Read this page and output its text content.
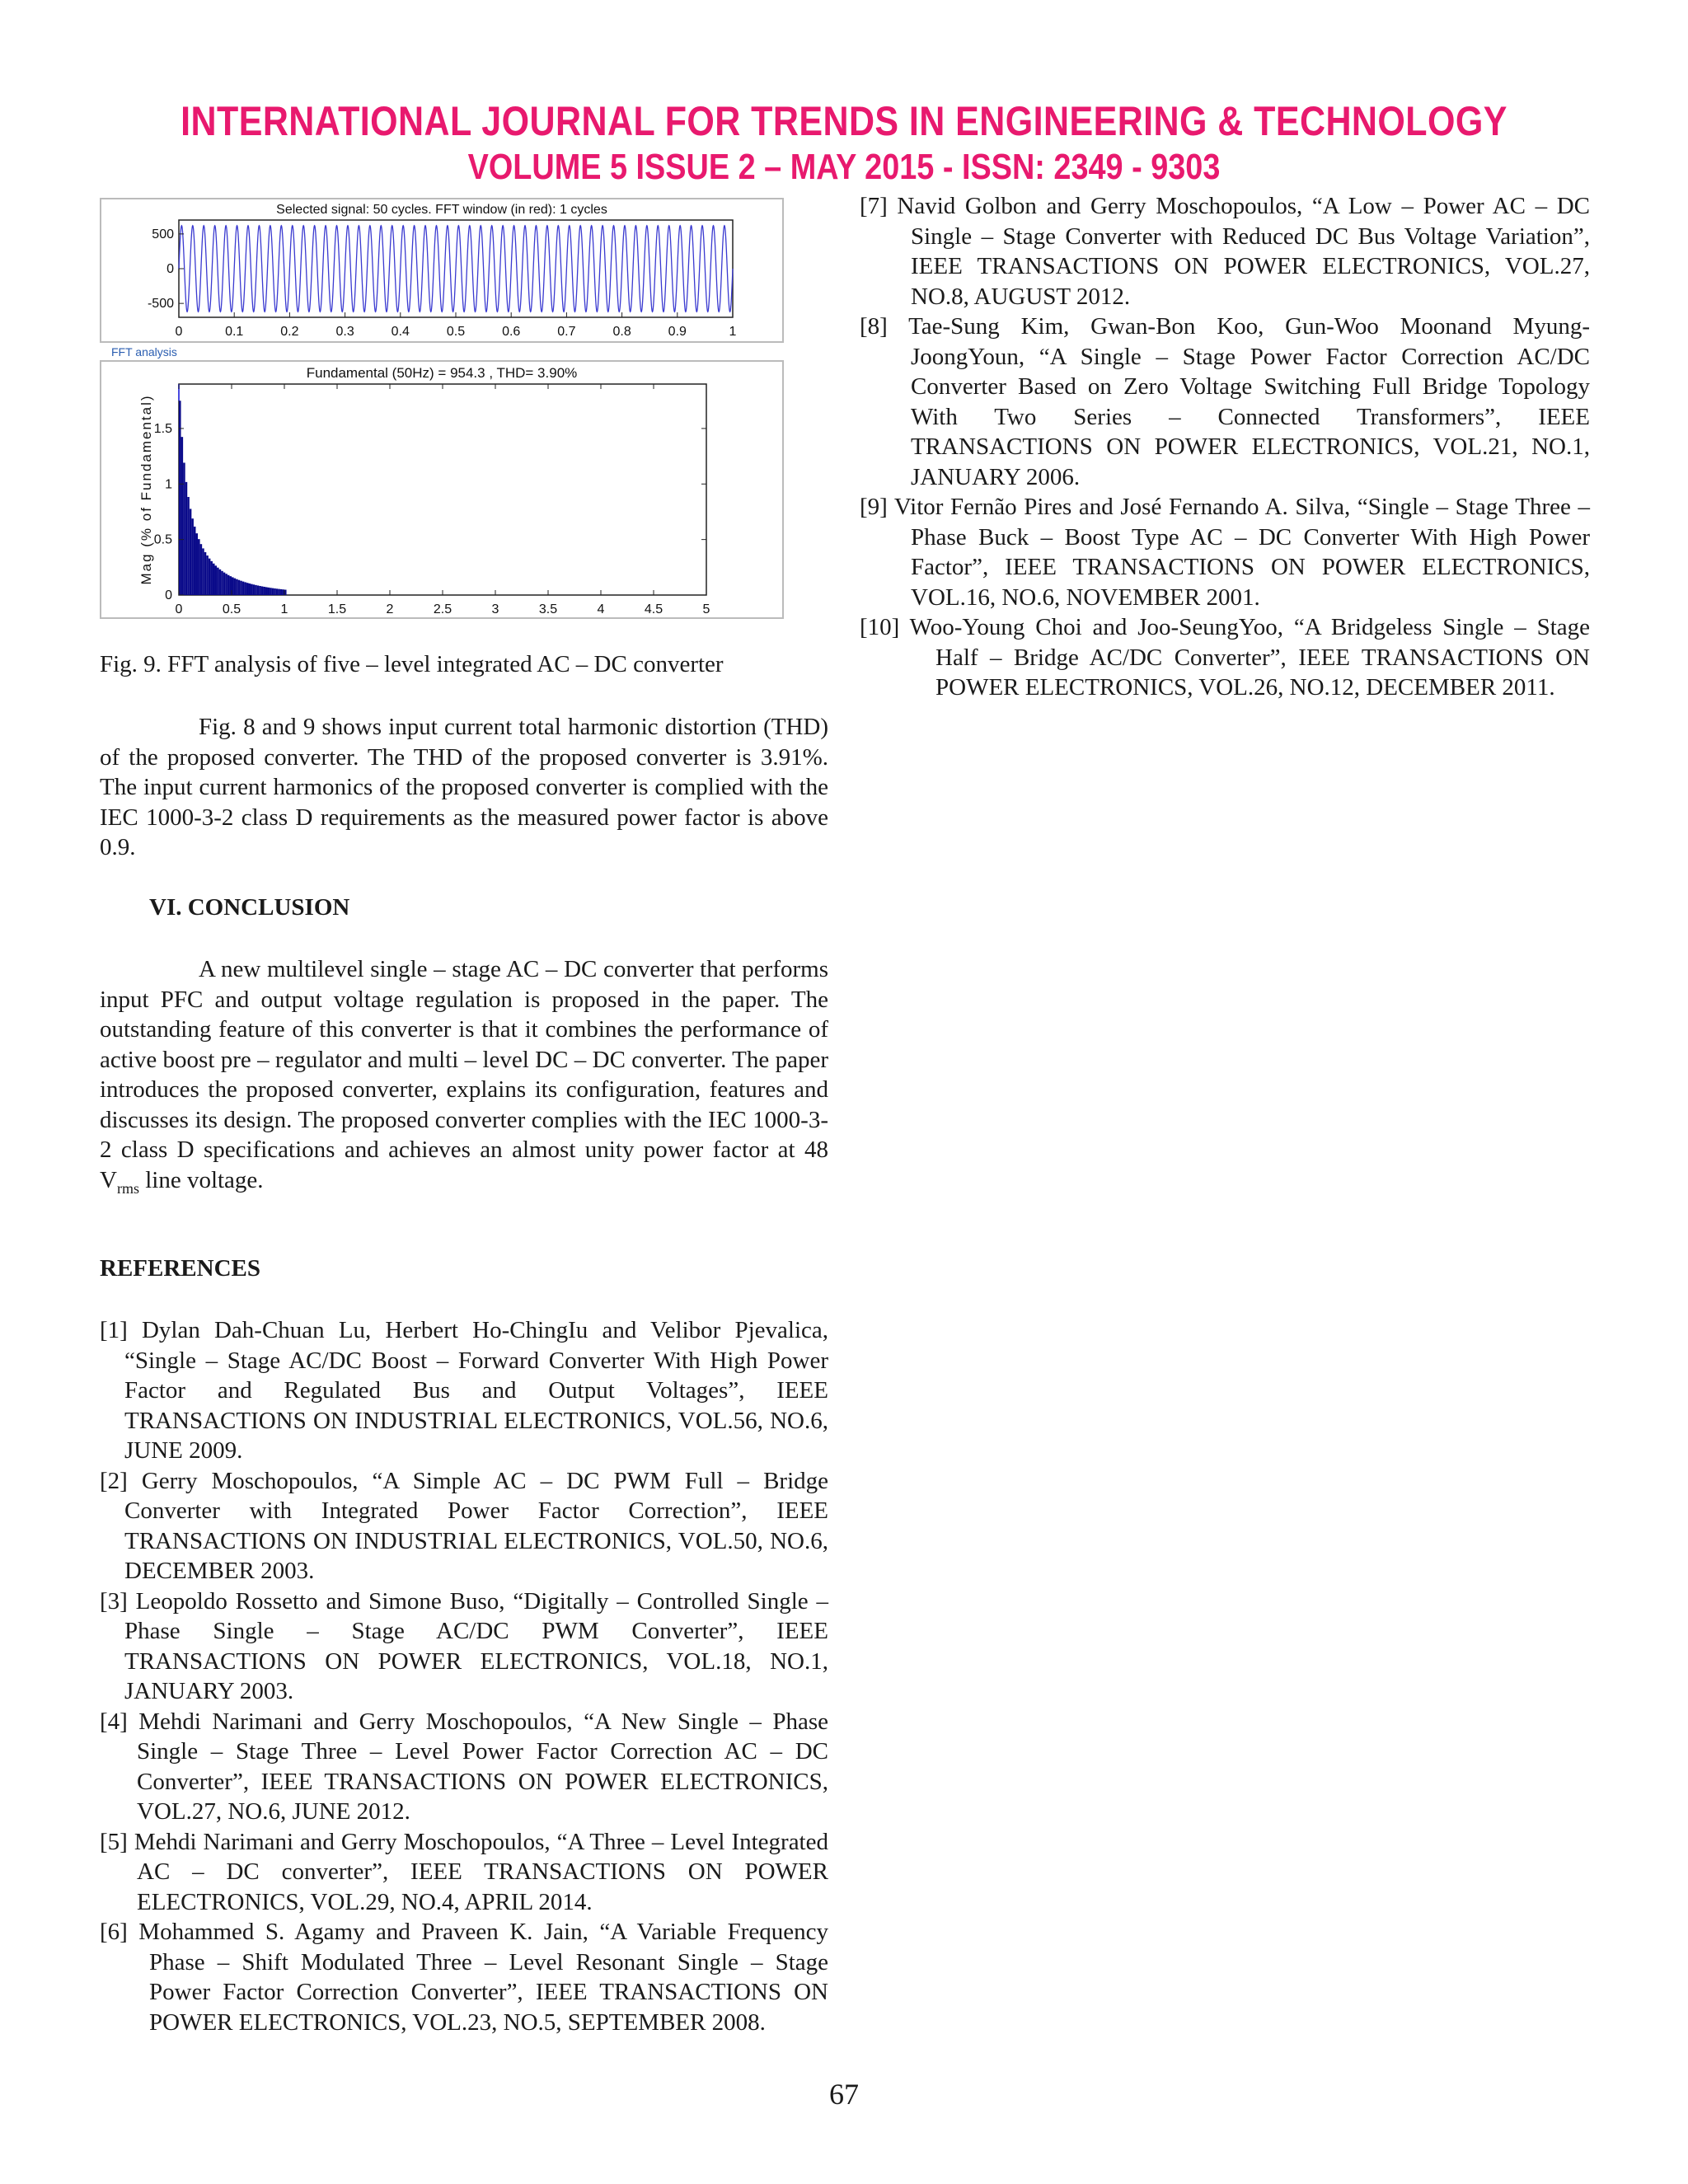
INTERNATIONAL JOURNAL FOR TRENDS IN ENGINEERING & TECHNOLOGY
VOLUME 5 ISSUE 2 – MAY 2015 - ISSN: 2349 - 9303
Selected signal: 50 cycles. FFT window (in red): 1 cycles
0	0.1	0.2	0.3	0.4	0.5	0.6	0.7	0.8	0.9	1
500
0
-500
FFT analysis
Fundamental (50Hz) = 954.3 , THD= 3.90%
0	0.5	1	1.5	2	2.5	3	3.5	4	4.5	5
0
0.5
1
1.5
Mag (% of Fundamental)
Fig. 9. FFT analysis of five – level integrated AC – DC converter

Fig. 8 and 9 shows input current total harmonic distortion (THD) of the proposed converter. The THD of the proposed converter is 3.91%. The input current harmonics of the proposed converter is complied with the IEC 1000-3-2 class D requirements as the measured power factor is above 0.9.

VI. CONCLUSION

A new multilevel single – stage AC – DC converter that performs input PFC and output voltage regulation is proposed in the paper. The outstanding feature of this converter is that it combines the performance of active boost pre – regulator and multi – level DC – DC converter. The paper introduces the proposed converter, explains its configuration, features and discusses its design. The proposed converter complies with the IEC 1000-3-2 class D specifications and achieves an almost unity power factor at 48 $V_{rms}$ line voltage.

REFERENCES

[1] Dylan Dah-Chuan Lu, Herbert Ho-ChingIu and Velibor Pjevalica, “Single – Stage AC/DC Boost – Forward Converter With High Power Factor and Regulated Bus and Output Voltages”, IEEE TRANSACTIONS ON INDUSTRIAL ELECTRONICS, VOL.56, NO.6, JUNE 2009.

[2] Gerry Moschopoulos, “A Simple AC – DC PWM Full – Bridge Converter with Integrated Power Factor Correction”, IEEE TRANSACTIONS ON INDUSTRIAL ELECTRONICS, VOL.50, NO.6, DECEMBER 2003.

[3] Leopoldo Rossetto and Simone Buso, “Digitally – Controlled Single – Phase Single – Stage AC/DC PWM Converter”, IEEE TRANSACTIONS ON POWER ELECTRONICS, VOL.18, NO.1, JANUARY 2003.

[4] Mehdi Narimani and Gerry Moschopoulos, “A New Single – Phase Single – Stage Three – Level Power Factor Correction AC – DC Converter”, IEEE TRANSACTIONS ON POWER ELECTRONICS, VOL.27, NO.6, JUNE 2012.

[5] Mehdi Narimani and Gerry Moschopoulos, “A Three – Level Integrated AC – DC converter”, IEEE TRANSACTIONS ON POWER ELECTRONICS, VOL.29, NO.4, APRIL 2014.

[6] Mohammed S. Agamy and Praveen K. Jain, “A Variable Frequency Phase – Shift Modulated Three – Level Resonant Single – Stage Power Factor Correction Converter”, IEEE TRANSACTIONS ON POWER ELECTRONICS, VOL.23, NO.5, SEPTEMBER 2008.

[7] Navid Golbon and Gerry Moschopoulos, “A Low – Power AC – DC Single – Stage Converter with Reduced DC Bus Voltage Variation”, IEEE TRANSACTIONS ON POWER ELECTRONICS, VOL.27, NO.8, AUGUST 2012.

[8] Tae-Sung Kim, Gwan-Bon Koo, Gun-Woo Moonand Myung-JoongYoun, “A Single – Stage Power Factor Correction AC/DC Converter Based on Zero Voltage Switching Full Bridge Topology With Two Series – Connected Transformers”, IEEE TRANSACTIONS ON POWER ELECTRONICS, VOL.21, NO.1, JANUARY 2006.

[9] Vitor Fernão Pires and José Fernando A. Silva, “Single – Stage Three – Phase Buck – Boost Type AC – DC Converter With High Power Factor”, IEEE TRANSACTIONS ON POWER ELECTRONICS, VOL.16, NO.6, NOVEMBER 2001.

[10] Woo-Young Choi and Joo-SeungYoo, “A Bridgeless Single – Stage Half – Bridge AC/DC Converter”, IEEE TRANSACTIONS ON POWER ELECTRONICS, VOL.26, NO.12, DECEMBER 2011.

67
